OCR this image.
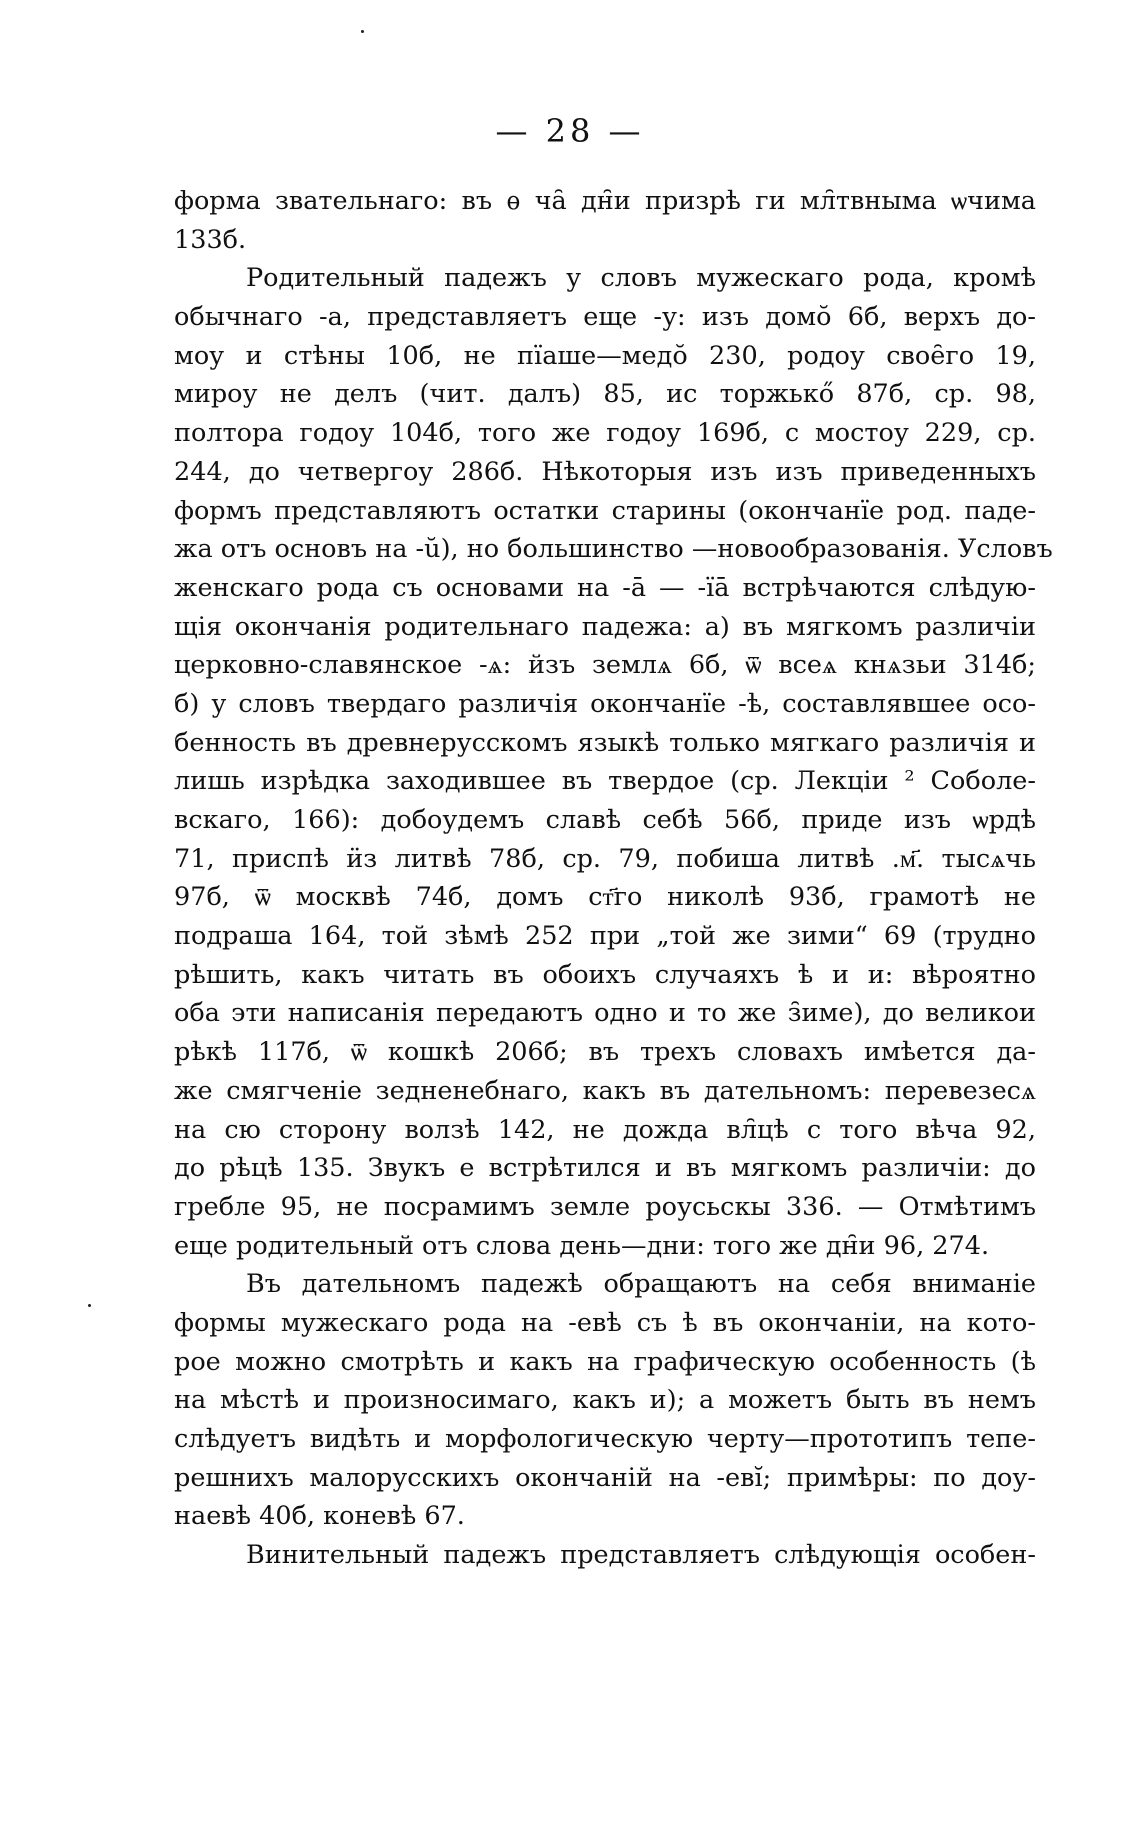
— 28 —
форма звательнаго: въ ѳ ча̑ дн̑и призрѣ ги мл̑твныма ѡчима
133б.
Родительный падежъ у словъ мужескаго рода, кромѣ
обычнаго -а, представляетъ еще -у: изъ домо̆ 6б, верхъ до-
моу и стѣны 10б, не пїаше—медо̆ 230, родоу свое̑го 19,
мироу не делъ (чит. далъ) 85, ис торжькő 87б, ср. 98,
полтора годоу 104б, того же годоу 169б, с мостоу 229, ср.
244, до четвергоу 286б. Нѣкоторыя изъ изъ приведенныхъ
формъ представляютъ остатки старины (окончанїе род. паде-
жа отъ основъ на -ŭ), но большинство —новообразованія. Условъ
женскаго рода съ основами на -ā — -їā встрѣчаются слѣдую-
щія окончанія родительнаго падежа: а) въ мягкомъ различіи
церковно-славянское -ѧ: йзъ землѧ 6б, ѿ всеѧ кнѧзьи 314б;
б) у словъ твердаго различія окончанїе -ѣ, составлявшее осо-
бенность въ древнерусскомъ языкѣ только мягкаго различія и
лишь изрѣдка заходившее въ твердое (ср. Лекціи ² Соболе-
вскаго, 166): добоудемъ славѣ себѣ 56б, приде изъ ѡрдѣ
71, приспѣ ӥз литвѣ 78б, ср. 79, побиша литвѣ .м҃. тысѧчь
97б, ѿ москвѣ 74б, домъ ст҃го николѣ 93б, грамотѣ не
подраша 164, той зѣмѣ 252 при „той же зими“ 69 (трудно
рѣшить, какъ читать въ обоихъ случаяхъ ѣ и и: вѣроятно
оба эти написанія передаютъ одно и то же з̑име), до великои
рѣкѣ 117б, ѿ кошкѣ 206б; въ трехъ словахъ имѣется да-
же смягченіе зедненебнаго, какъ въ дательномъ: перевезесѧ
на сю сторону волзѣ 142, не дожда вл̑цѣ с того вѣча 92,
до рѣцѣ 135. Звукъ е встрѣтился и въ мягкомъ различіи: до
гребле 95, не посрамимъ земле роусьскы 336. — Отмѣтимъ
еще родительный отъ слова день—дни: того же дн̑и 96, 274.
Въ дательномъ падежѣ обращаютъ на себя вниманіе
формы мужескаго рода на -евѣ съ ѣ въ окончаніи, на кото-
рое можно смотрѣть и какъ на графическую особенность (ѣ
на мѣстѣ и произносимаго, какъ и); а можетъ быть въ немъ
слѣдуетъ видѣть и морфологическую черту—прототипъ тепе-
решнихъ малорусскихъ окончаній на -евĭ; примѣры: по доу-
наевѣ 40б, коневѣ 67.
Винительный падежъ представляетъ слѣдующія особен-
